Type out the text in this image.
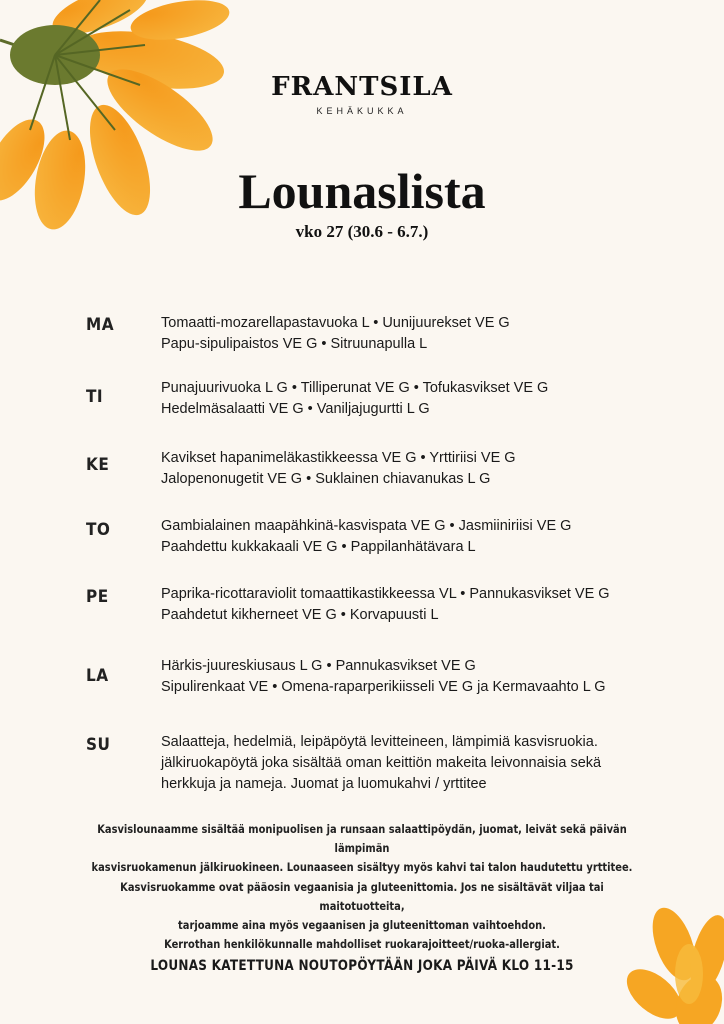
FRANTSILA
KEHÄKUKKA
Lounaslista
vko 27 (30.6 - 6.7.)
MA	Tomaatti-mozarellapastavuoka L • Uunijuurekset VE G
Papu-sipulipaistos VE G • Sitruunapulla L
TI	Punajuurivuoka L G • Tilliperunat VE G • Tofukasvikset VE G
Hedelmäsalaatti VE G • Vaniljajugurtti L G
KE	Kavikset hapanimeläkastikkeessa VE G • Yrttiriisi VE G
Jalopenonugetit VE G • Suklainen chiavanukas L G
TO	Gambialainen maapähkinä-kasvispata VE G • Jasmiiniriisi VE G
Paahdettu kukkakaali VE G • Pappilanhätävara L
PE	Paprika-ricottaraviolit tomaattikastikkeessa VL • Pannukasvikset VE G
Paahdetut kikherneet VE G • Korvapuusti L
LA	Härkis-juureskiusaus L G • Pannukasvikset VE G
Sipulirenkaat VE • Omena-raparperikiisseli VE G ja Kermavaahto L G
SU	Salaatteja, hedelmiä, leipäpöytä levitteineen, lämpimiä kasvisruokia.
jälkiruokapöytä joka sisältää oman keittiön makeita leivonnaisia sekä
herkkuja ja nameja. Juomat ja luomukahvi / yrttitee
Kasvislounaamme sisältää monipuolisen ja runsaan salaattipöydän, juomat, leivät sekä päivän lämpimän
kasvisruokamenun jälkiruokineen. Lounaaseen sisältyy myös kahvi tai talon haudutettu yrttitee.
Kasvisruokamme ovat pääosin vegaanisia ja gluteenittomia. Jos ne sisältävät viljaa tai maitotuotteita,
tarjoamme aina myös vegaanisen ja gluteenittoman vaihtoehdon.
Kerrothan henkilökunnalle mahdolliset ruokarajoitteet/ruoka-allergiat.
LOUNAS KATETTUNA NOUTOPÖYTÄÄN JOKA PÄIVÄ KLO 11-15
